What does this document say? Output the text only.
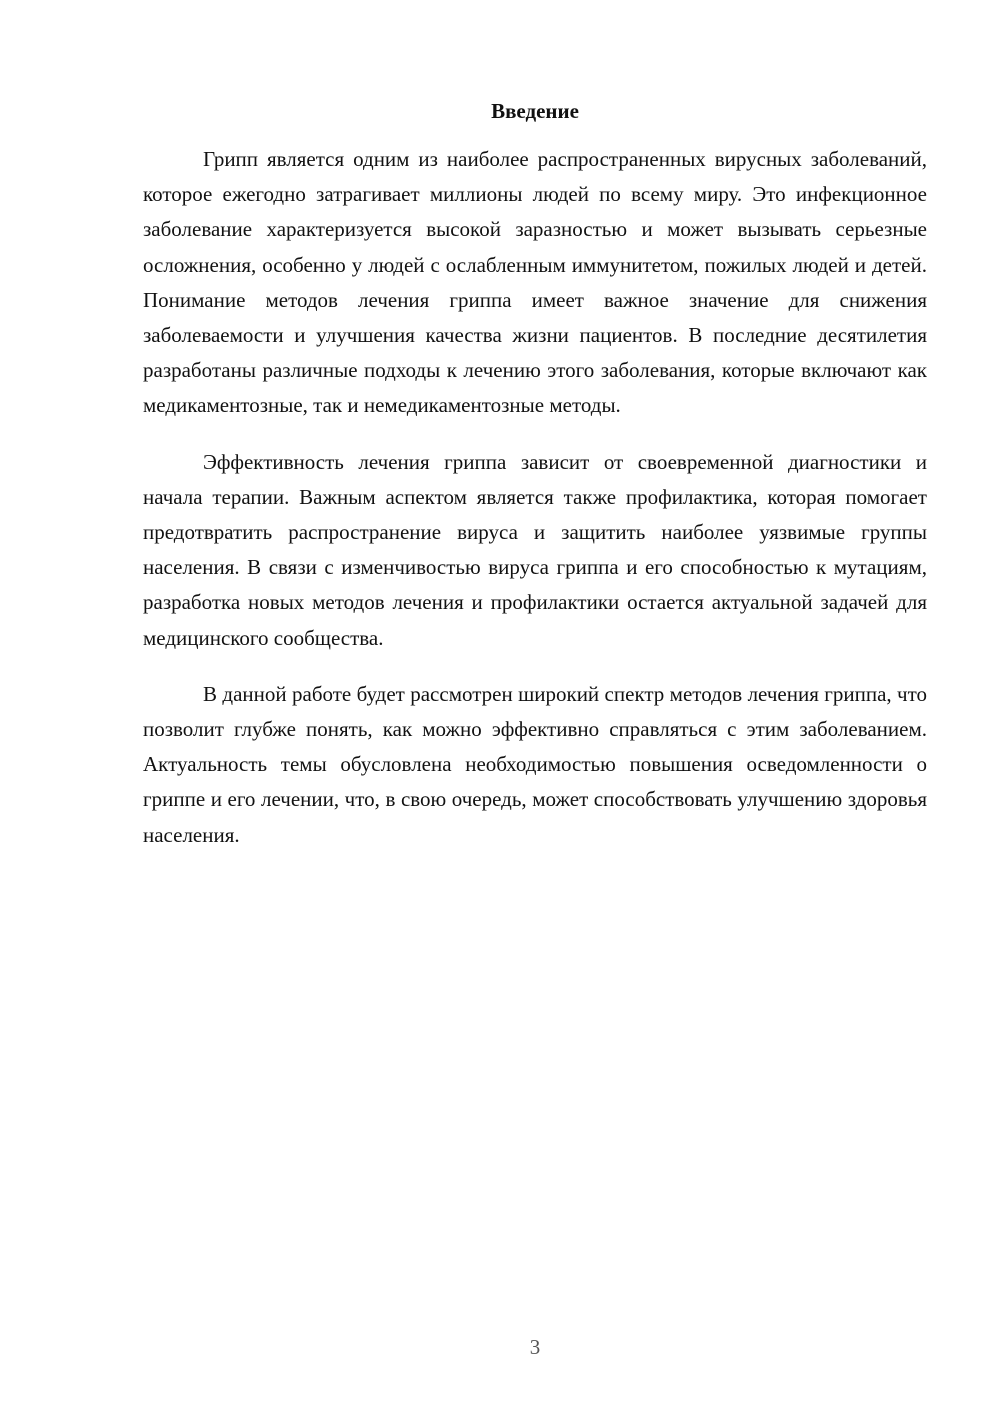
Введение

Грипп является одним из наиболее распространенных вирусных заболеваний, которое ежегодно затрагивает миллионы людей по всему миру. Это инфекционное заболевание характеризуется высокой заразностью и может вызывать серьезные осложнения, особенно у людей с ослабленным иммунитетом, пожилых людей и детей. Понимание методов лечения гриппа имеет важное значение для снижения заболеваемости и улучшения качества жизни пациентов. В последние десятилетия разработаны различные подходы к лечению этого заболевания, которые включают как медикаментозные, так и немедикаментозные методы.

Эффективность лечения гриппа зависит от своевременной диагностики и начала терапии. Важным аспектом является также профилактика, которая помогает предотвратить распространение вируса и защитить наиболее уязвимые группы населения. В связи с изменчивостью вируса гриппа и его способностью к мутациям, разработка новых методов лечения и профилактики остается актуальной задачей для медицинского сообщества.

В данной работе будет рассмотрен широкий спектр методов лечения гриппа, что позволит глубже понять, как можно эффективно справляться с этим заболеванием. Актуальность темы обусловлена необходимостью повышения осведомленности о гриппе и его лечении, что, в свою очередь, может способствовать улучшению здоровья населения.

3
